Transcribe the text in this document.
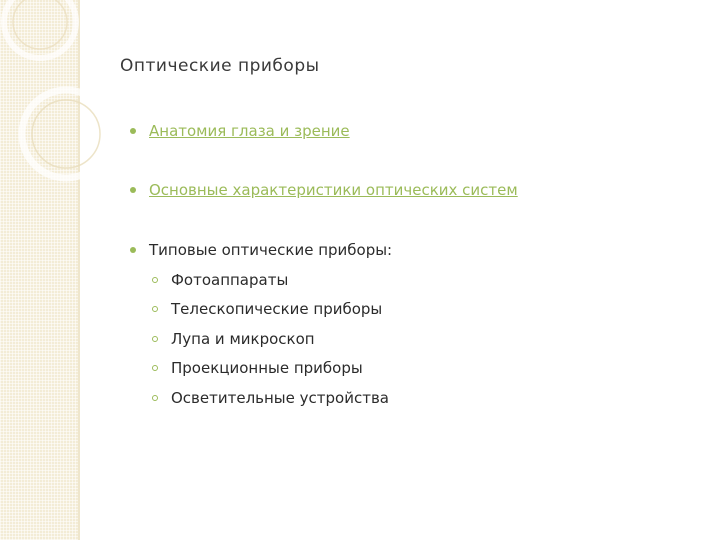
Оптические приборы
Анатомия глаза и зрение
Основные характеристики оптических систем
Типовые оптические приборы:
Фотоаппараты
Телескопические приборы
Лупа и микроскоп
Проекционные приборы
Осветительные устройства
